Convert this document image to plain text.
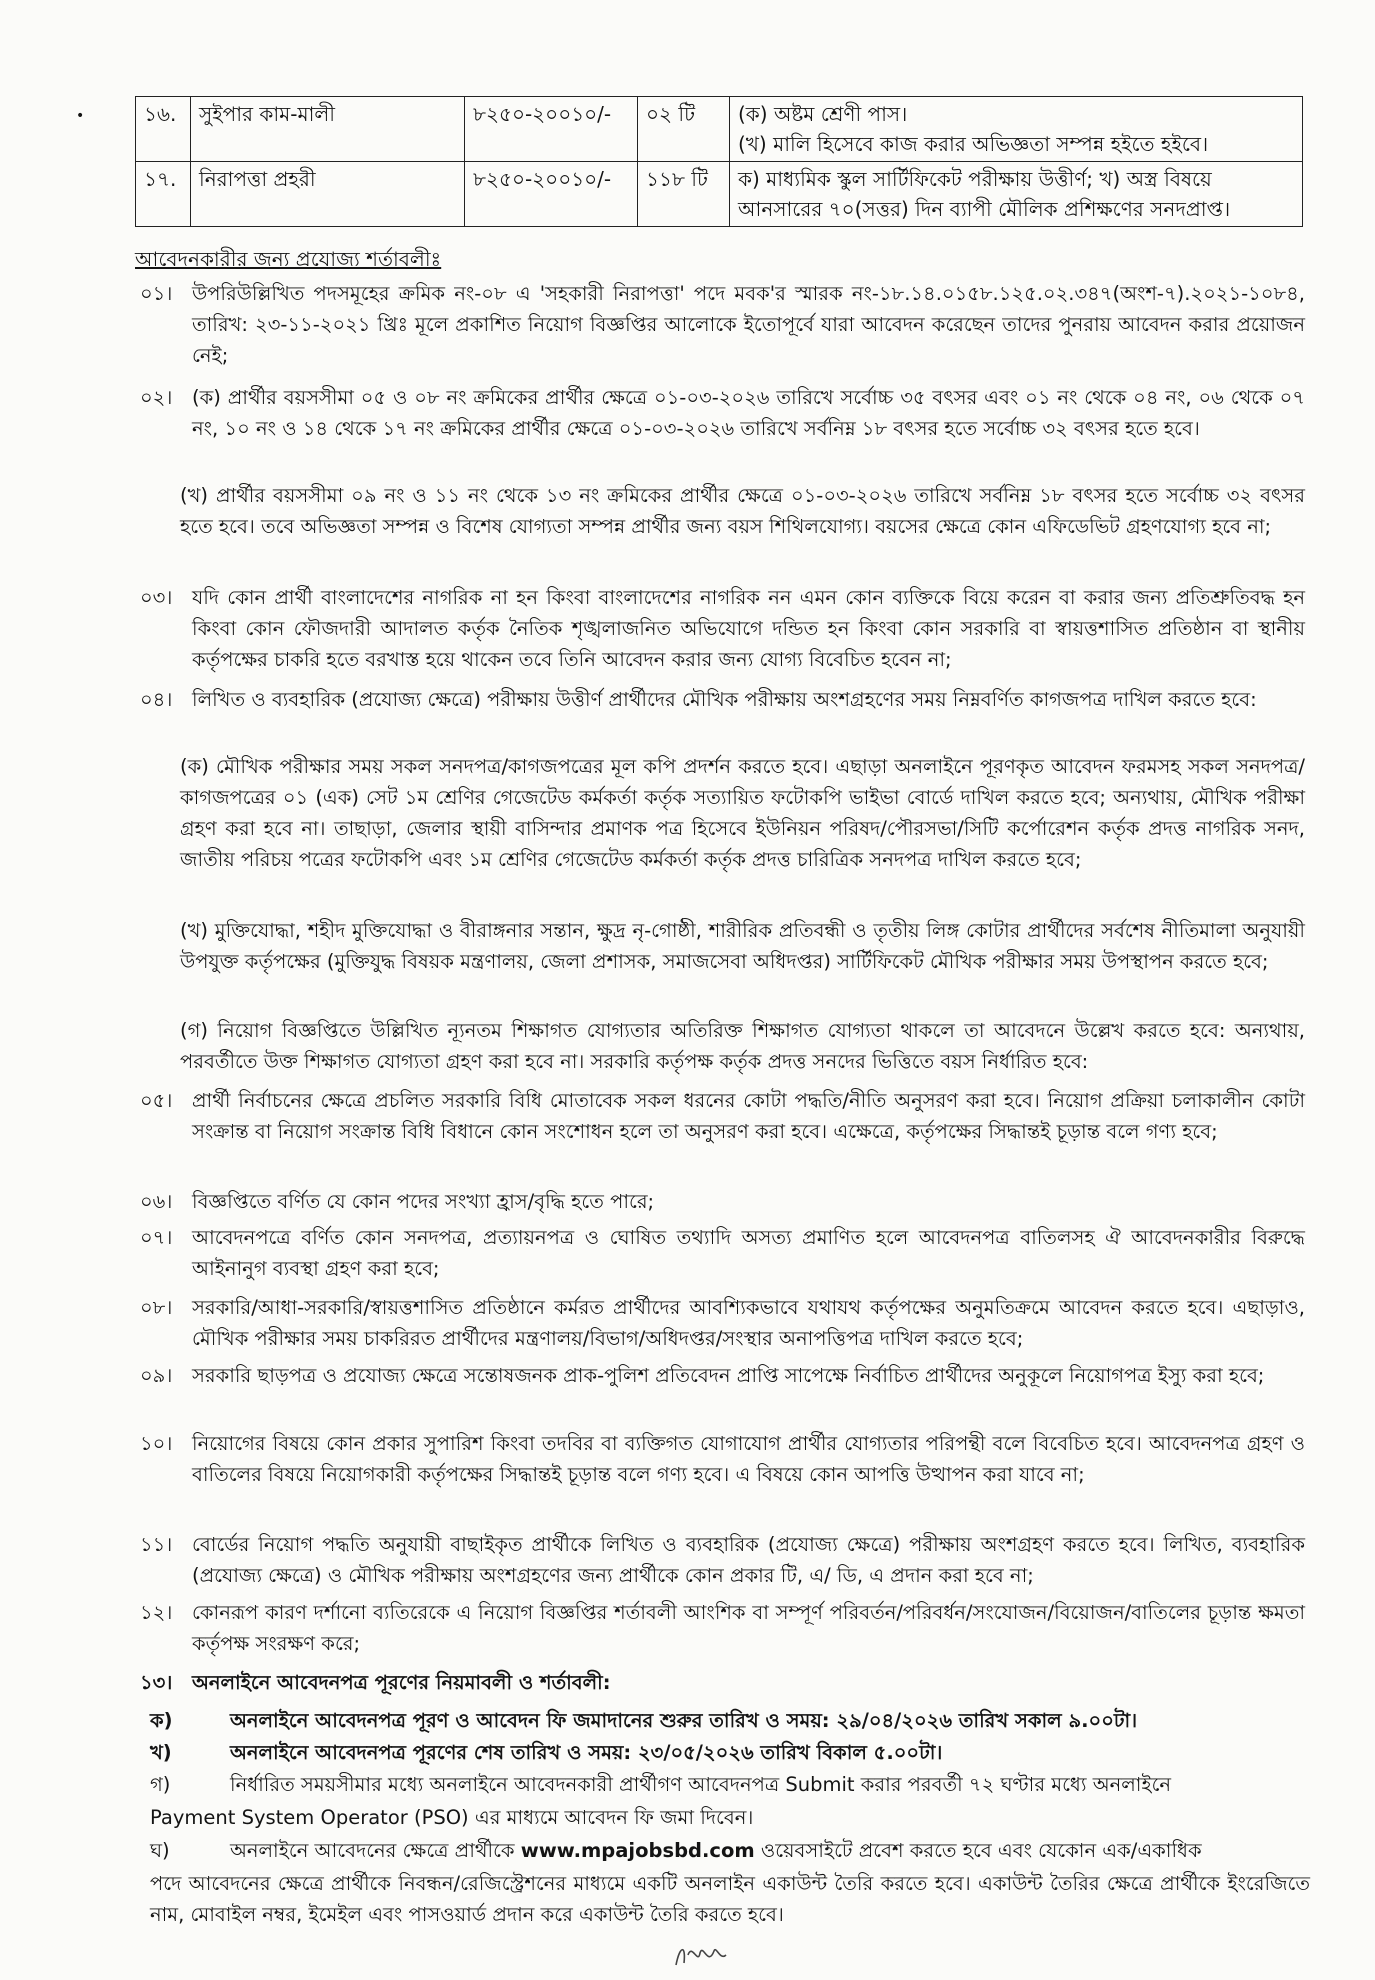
•	১৬.	সুইপার কাম-মালী	৮২৫০-২০০১০/-	০২ টি	(ক) অষ্টম শ্রেণী পাস।
(খ) মালি হিসেবে কাজ করার অভিজ্ঞতা সম্পন্ন হইতে হইবে।

১৭.	নিরাপত্তা প্রহরী	৮২৫০-২০০১০/-	১১৮ টি	ক) মাধ্যমিক স্কুল সার্টিফিকেট পরীক্ষায় উত্তীর্ণ; খ) অস্ত্র বিষয়ে
আনসারের ৭০(সত্তর) দিন ব্যাপী মৌলিক প্রশিক্ষণের সনদপ্রাপ্ত।
আবেদনকারীর জন্য প্রযোজ্য শর্তাবলীঃ
০১। উপরিউল্লিখিত পদসমূহের ক্রমিক নং-০৮ এ 'সহকারী নিরাপত্তা' পদে মবক'র স্মারক নং-১৮.১৪.০১৫৮.১২৫.০২.৩৪৭(অংশ-৭).২০২১-১০৮৪, তারিখ: ২৩-১১-২০২১ খ্রিঃ মূলে প্রকাশিত নিয়োগ বিজ্ঞপ্তির আলোকে ইতোপূর্বে যারা আবেদন করেছেন তাদের পুনরায় আবেদন করার প্রয়োজন নেই;
০২। (ক) প্রার্থীর বয়সসীমা ০৫ ও ০৮ নং ক্রমিকের প্রার্থীর ক্ষেত্রে ০১-০৩-২০২৬ তারিখে সর্বোচ্চ ৩৫ বৎসর এবং ০১ নং থেকে ০৪ নং, ০৬ থেকে ০৭ নং, ১০ নং ও ১৪ থেকে ১৭ নং ক্রমিকের প্রার্থীর ক্ষেত্রে ০১-০৩-২০২৬ তারিখে সর্বনিম্ন ১৮ বৎসর হতে সর্বোচ্চ ৩২ বৎসর হতে হবে।
(খ) প্রার্থীর বয়সসীমা ০৯ নং ও ১১ নং থেকে ১৩ নং ক্রমিকের প্রার্থীর ক্ষেত্রে ০১-০৩-২০২৬ তারিখে সর্বনিম্ন ১৮ বৎসর হতে সর্বোচ্চ ৩২ বৎসর হতে হবে। তবে অভিজ্ঞতা সম্পন্ন ও বিশেষ যোগ্যতা সম্পন্ন প্রার্থীর জন্য বয়স শিথিলযোগ্য। বয়সের ক্ষেত্রে কোন এফিডেভিট গ্রহণযোগ্য হবে না;
০৩। যদি কোন প্রার্থী বাংলাদেশের নাগরিক না হন কিংবা বাংলাদেশের নাগরিক নন এমন কোন ব্যক্তিকে বিয়ে করেন বা করার জন্য প্রতিশ্রুতিবদ্ধ হন কিংবা কোন ফৌজদারী আদালত কর্তৃক নৈতিক শৃঙ্খলাজনিত অভিযোগে দন্ডিত হন কিংবা কোন সরকারি বা স্বায়ত্তশাসিত প্রতিষ্ঠান বা স্থানীয় কর্তৃপক্ষের চাকরি হতে বরখাস্ত হয়ে থাকেন তবে তিনি আবেদন করার জন্য যোগ্য বিবেচিত হবেন না;
০৪। লিখিত ও ব্যবহারিক (প্রযোজ্য ক্ষেত্রে) পরীক্ষায় উত্তীর্ণ প্রার্থীদের মৌখিক পরীক্ষায় অংশগ্রহণের সময় নিম্নবর্ণিত কাগজপত্র দাখিল করতে হবে:
(ক) মৌখিক পরীক্ষার সময় সকল সনদপত্র/কাগজপত্রের মূল কপি প্রদর্শন করতে হবে। এছাড়া অনলাইনে পূরণকৃত আবেদন ফরমসহ সকল সনদপত্র/কাগজপত্রের ০১ (এক) সেট ১ম শ্রেণির গেজেটেড কর্মকর্তা কর্তৃক সত্যায়িত ফটোকপি ভাইভা বোর্ডে দাখিল করতে হবে; অন্যথায়, মৌখিক পরীক্ষা গ্রহণ করা হবে না। তাছাড়া, জেলার স্থায়ী বাসিন্দার প্রমাণক পত্র হিসেবে ইউনিয়ন পরিষদ/পৌরসভা/সিটি কর্পোরেশন কর্তৃক প্রদত্ত নাগরিক সনদ, জাতীয় পরিচয় পত্রের ফটোকপি এবং ১ম শ্রেণির গেজেটেড কর্মকর্তা কর্তৃক প্রদত্ত চারিত্রিক সনদপত্র দাখিল করতে হবে;
(খ) মুক্তিযোদ্ধা, শহীদ মুক্তিযোদ্ধা ও বীরাঙ্গনার সন্তান, ক্ষুদ্র নৃ-গোষ্ঠী, শারীরিক প্রতিবন্ধী ও তৃতীয় লিঙ্গ কোটার প্রার্থীদের সর্বশেষ নীতিমালা অনুযায়ী উপযুক্ত কর্তৃপক্ষের (মুক্তিযুদ্ধ বিষয়ক মন্ত্রণালয়, জেলা প্রশাসক, সমাজসেবা অধিদপ্তর) সার্টিফিকেট মৌখিক পরীক্ষার সময় উপস্থাপন করতে হবে;
(গ) নিয়োগ বিজ্ঞপ্তিতে উল্লিখিত ন্যূনতম শিক্ষাগত যোগ্যতার অতিরিক্ত শিক্ষাগত যোগ্যতা থাকলে তা আবেদনে উল্লেখ করতে হবে: অন্যথায়, পরবর্তীতে উক্ত শিক্ষাগত যোগ্যতা গ্রহণ করা হবে না। সরকারি কর্তৃপক্ষ কর্তৃক প্রদত্ত সনদের ভিত্তিতে বয়স নির্ধারিত হবে:
০৫। প্রার্থী নির্বাচনের ক্ষেত্রে প্রচলিত সরকারি বিধি মোতাবেক সকল ধরনের কোটা পদ্ধতি/নীতি অনুসরণ করা হবে। নিয়োগ প্রক্রিয়া চলাকালীন কোটা সংক্রান্ত বা নিয়োগ সংক্রান্ত বিধি বিধানে কোন সংশোধন হলে তা অনুসরণ করা হবে। এক্ষেত্রে, কর্তৃপক্ষের সিদ্ধান্তই চূড়ান্ত বলে গণ্য হবে;
০৬। বিজ্ঞপ্তিতে বর্ণিত যে কোন পদের সংখ্যা হ্রাস/বৃদ্ধি হতে পারে;
০৭। আবেদনপত্রে বর্ণিত কোন সনদপত্র, প্রত্যায়নপত্র ও ঘোষিত তথ্যাদি অসত্য প্রমাণিত হলে আবেদনপত্র বাতিলসহ ঐ আবেদনকারীর বিরুদ্ধে আইনানুগ ব্যবস্থা গ্রহণ করা হবে;
০৮। সরকারি/আধা-সরকারি/স্বায়ত্তশাসিত প্রতিষ্ঠানে কর্মরত প্রার্থীদের আবশ্যিকভাবে যথাযথ কর্তৃপক্ষের অনুমতিক্রমে আবেদন করতে হবে। এছাড়াও, মৌখিক পরীক্ষার সময় চাকরিরত প্রার্থীদের মন্ত্রণালয়/বিভাগ/অধিদপ্তর/সংস্থার অনাপত্তিপত্র দাখিল করতে হবে;
০৯। সরকারি ছাড়পত্র ও প্রযোজ্য ক্ষেত্রে সন্তোষজনক প্রাক-পুলিশ প্রতিবেদন প্রাপ্তি সাপেক্ষে নির্বাচিত প্রার্থীদের অনুকূলে নিয়োগপত্র ইস্যু করা হবে;
১০। নিয়োগের বিষয়ে কোন প্রকার সুপারিশ কিংবা তদবির বা ব্যক্তিগত যোগাযোগ প্রার্থীর যোগ্যতার পরিপন্থী বলে বিবেচিত হবে। আবেদনপত্র গ্রহণ ও বাতিলের বিষয়ে নিয়োগকারী কর্তৃপক্ষের সিদ্ধান্তই চূড়ান্ত বলে গণ্য হবে। এ বিষয়ে কোন আপত্তি উত্থাপন করা যাবে না;
১১। বোর্ডের নিয়োগ পদ্ধতি অনুযায়ী বাছাইকৃত প্রার্থীকে লিখিত ও ব্যবহারিক (প্রযোজ্য ক্ষেত্রে) পরীক্ষায় অংশগ্রহণ করতে হবে। লিখিত, ব্যবহারিক (প্রযোজ্য ক্ষেত্রে) ও মৌখিক পরীক্ষায় অংশগ্রহণের জন্য প্রার্থীকে কোন প্রকার টি, এ/ ডি, এ প্রদান করা হবে না;
১২। কোনরূপ কারণ দর্শানো ব্যতিরেকে এ নিয়োগ বিজ্ঞপ্তির শর্তাবলী আংশিক বা সম্পূর্ণ পরিবর্তন/পরিবর্ধন/সংযোজন/বিয়োজন/বাতিলের চূড়ান্ত ক্ষমতা কর্তৃপক্ষ সংরক্ষণ করে;
১৩। অনলাইনে আবেদনপত্র পূরণের নিয়মাবলী ও শর্তাবলী:
ক)	অনলাইনে আবেদনপত্র পূরণ ও আবেদন ফি জমাদানের শুরুর তারিখ ও সময়: ২৯/০৪/২০২৬ তারিখ সকাল ৯.০০টা।
খ)	অনলাইনে আবেদনপত্র পূরণের শেষ তারিখ ও সময়: ২৩/০৫/২০২৬ তারিখ বিকাল ৫.০০টা।
গ)	নির্ধারিত সময়সীমার মধ্যে অনলাইনে আবেদনকারী প্রার্থীগণ আবেদনপত্র Submit করার পরবর্তী ৭২ ঘণ্টার মধ্যে অনলাইনে
Payment System Operator (PSO) এর মাধ্যমে আবেদন ফি জমা দিবেন।
ঘ)	অনলাইনে আবেদনের ক্ষেত্রে প্রার্থীকে www.mpajobsbd.com ওয়েবসাইটে প্রবেশ করতে হবে এবং যেকোন এক/একাধিক
পদে আবেদনের ক্ষেত্রে প্রার্থীকে নিবন্ধন/রেজিস্ট্রেশনের মাধ্যমে একটি অনলাইন একাউন্ট তৈরি করতে হবে। একাউন্ট তৈরির ক্ষেত্রে প্রার্থীকে ইংরেজিতে নাম, মোবাইল নম্বর, ইমেইল এবং পাসওয়ার্ড প্রদান করে একাউন্ট তৈরি করতে হবে।
